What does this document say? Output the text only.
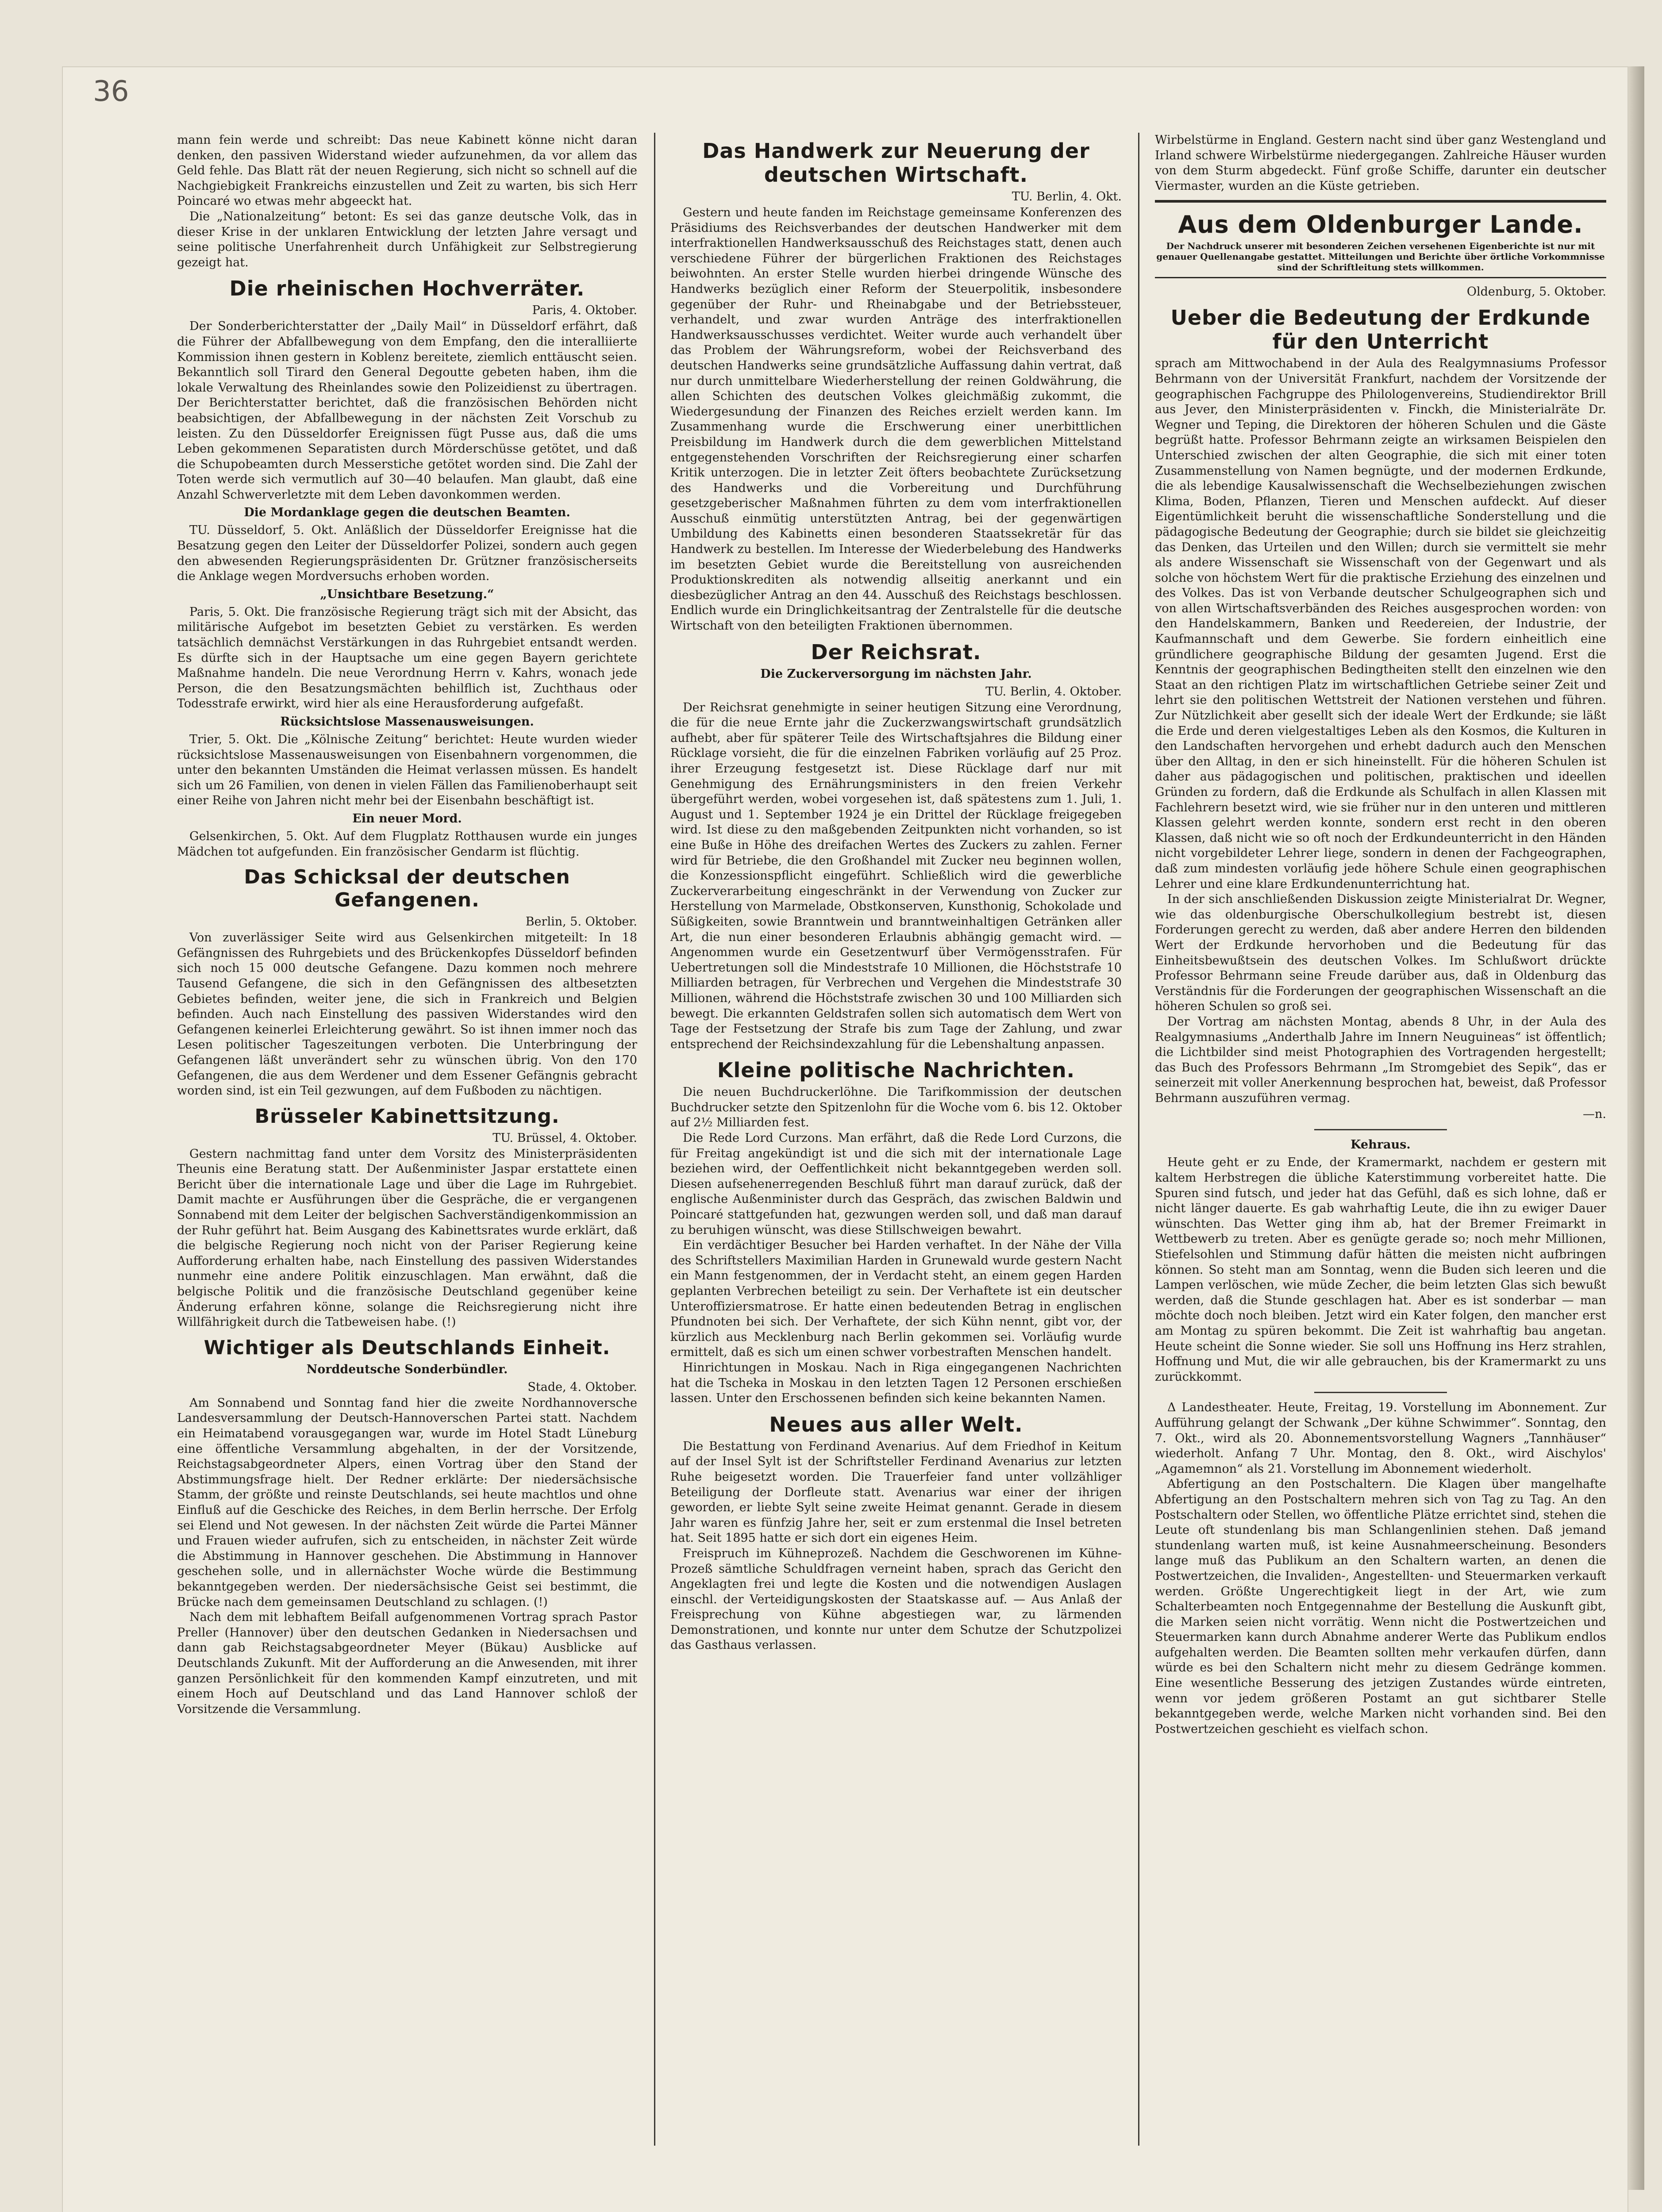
36

mann fein werde und schreibt: Das neue Kabinett könne nicht daran denken, den passiven Widerstand wieder aufzunehmen, da vor allem das Geld fehle. Das Blatt rät der neuen Regierung, sich nicht so schnell auf die Nachgiebigkeit Frankreichs einzustellen und Zeit zu warten, bis sich Herr Poincaré wo etwas mehr abgeeckt hat.

Die „Nationalzeitung“ betont: Es sei das ganze deutsche Volk, das in dieser Krise in der unklaren Entwicklung der letzten Jahre versagt und seine politische Unerfahrenheit durch Unfähigkeit zur Selbstregierung gezeigt hat.

Die rheinischen Hochverräter.
Paris, 4. Oktober.

Der Sonderberichterstatter der „Daily Mail“ in Düsseldorf erfährt, daß die Führer der Abfallbewegung von dem Empfang, den die interalliierte Kommission ihnen gestern in Koblenz bereitete, ziemlich enttäuscht seien. Bekanntlich soll Tirard den General Degoutte gebeten haben, ihm die lokale Verwaltung des Rheinlandes sowie den Polizeidienst zu übertragen. Der Berichterstatter berichtet, daß die französischen Behörden nicht beabsichtigen, der Abfallbewegung in der nächsten Zeit Vorschub zu leisten. Zu den Düsseldorfer Ereignissen fügt Pusse aus, daß die ums Leben gekommenen Separatisten durch Mörderschüsse getötet, und daß die Schupobeamten durch Messerstiche getötet worden sind. Die Zahl der Toten werde sich vermutlich auf 30—40 belaufen. Man glaubt, daß eine Anzahl Schwerverletzte mit dem Leben davonkommen werden.

Die Mordanklage gegen die deutschen Beamten.

TU. Düsseldorf, 5. Okt. Anläßlich der Düsseldorfer Ereignisse hat die Besatzung gegen den Leiter der Düsseldorfer Polizei, sondern auch gegen den abwesenden Regierungspräsidenten Dr. Grützner französischerseits die Anklage wegen Mordversuchs erhoben worden.

„Unsichtbare Besetzung.“

Paris, 5. Okt. Die französische Regierung trägt sich mit der Absicht, das militärische Aufgebot im besetzten Gebiet zu verstärken. Es werden tatsächlich demnächst Verstärkungen in das Ruhrgebiet entsandt werden. Es dürfte sich in der Hauptsache um eine gegen Bayern gerichtete Maßnahme handeln. Die neue Verordnung Herrn v. Kahrs, wonach jede Person, die den Besatzungsmächten behilflich ist, Zuchthaus oder Todesstrafe erwirkt, wird hier als eine Herausforderung aufgefaßt.

Rücksichtslose Massenausweisungen.

Trier, 5. Okt. Die „Kölnische Zeitung“ berichtet: Heute wurden wieder rücksichtslose Massenausweisungen von Eisenbahnern vorgenommen, die unter den bekannten Umständen die Heimat verlassen müssen. Es handelt sich um 26 Familien, von denen in vielen Fällen das Familienoberhaupt seit einer Reihe von Jahren nicht mehr bei der Eisenbahn beschäftigt ist.

Ein neuer Mord.

Gelsenkirchen, 5. Okt. Auf dem Flugplatz Rotthausen wurde ein junges Mädchen tot aufgefunden. Ein französischer Gendarm ist flüchtig.

Das Schicksal der deutschen Gefangenen.
Berlin, 5. Oktober.

Von zuverlässiger Seite wird aus Gelsenkirchen mitgeteilt: In 18 Gefängnissen des Ruhrgebiets und des Brückenkopfes Düsseldorf befinden sich noch 15 000 deutsche Gefangene. Dazu kommen noch mehrere Tausend Gefangene, die sich in den Gefängnissen des altbesetzten Gebietes befinden, weiter jene, die sich in Frankreich und Belgien befinden. Auch nach Einstellung des passiven Widerstandes wird den Gefangenen keinerlei Erleichterung gewährt. So ist ihnen immer noch das Lesen politischer Tageszeitungen verboten. Die Unterbringung der Gefangenen läßt unverändert sehr zu wünschen übrig. Von den 170 Gefangenen, die aus dem Werdener und dem Essener Gefängnis gebracht worden sind, ist ein Teil gezwungen, auf dem Fußboden zu nächtigen.

Brüsseler Kabinettsitzung.
TU. Brüssel, 4. Oktober.

Gestern nachmittag fand unter dem Vorsitz des Ministerpräsidenten Theunis eine Beratung statt. Der Außenminister Jaspar erstattete einen Bericht über die internationale Lage und über die Lage im Ruhrgebiet. Damit machte er Ausführungen über die Gespräche, die er vergangenen Sonnabend mit dem Leiter der belgischen Sachverständigenkommission an der Ruhr geführt hat. Beim Ausgang des Kabinettsrates wurde erklärt, daß die belgische Regierung noch nicht von der Pariser Regierung keine Aufforderung erhalten habe, nach Einstellung des passiven Widerstandes nunmehr eine andere Politik einzuschlagen. Man erwähnt, daß die belgische Politik und die französische Deutschland gegenüber keine Änderung erfahren könne, solange die Reichsregierung nicht ihre Willfährigkeit durch die Tatbeweisen habe. (!)

Wichtiger als Deutschlands Einheit.
Norddeutsche Sonderbündler.
Stade, 4. Oktober.

Am Sonnabend und Sonntag fand hier die zweite Nordhannoversche Landesversammlung der Deutsch-Hannoverschen Partei statt. Nachdem ein Heimatabend vorausgegangen war, wurde im Hotel Stadt Lüneburg eine öffentliche Versammlung abgehalten, in der der Vorsitzende, Reichstagsabgeordneter Alpers, einen Vortrag über den Stand der Abstimmungsfrage hielt. Der Redner erklärte: Der niedersächsische Stamm, der größte und reinste Deutschlands, sei heute machtlos und ohne Einfluß auf die Geschicke des Reiches, in dem Berlin herrsche. Der Erfolg sei Elend und Not gewesen. In der nächsten Zeit würde die Partei Männer und Frauen wieder aufrufen, sich zu entscheiden, in nächster Zeit würde die Abstimmung in Hannover geschehen. Die Abstimmung in Hannover geschehen solle, und in allernächster Woche würde die Bestimmung bekanntgegeben werden. Der niedersächsische Geist sei bestimmt, die Brücke nach dem gemeinsamen Deutschland zu schlagen. (!)

Nach dem mit lebhaftem Beifall aufgenommenen Vortrag sprach Pastor Preller (Hannover) über den deutschen Gedanken in Niedersachsen und dann gab Reichstagsabgeordneter Meyer (Bükau) Ausblicke auf Deutschlands Zukunft. Mit der Aufforderung an die Anwesenden, mit ihrer ganzen Persönlichkeit für den kommenden Kampf einzutreten, und mit einem Hoch auf Deutschland und das Land Hannover schloß der Vorsitzende die Versammlung.

Das Handwerk zur Neuerung der deutschen Wirtschaft.
TU. Berlin, 4. Okt.

Gestern und heute fanden im Reichstage gemeinsame Konferenzen des Präsidiums des Reichsverbandes der deutschen Handwerker mit dem interfraktionellen Handwerksausschuß des Reichstages statt, denen auch verschiedene Führer der bürgerlichen Fraktionen des Reichstages beiwohnten. An erster Stelle wurden hierbei dringende Wünsche des Handwerks bezüglich einer Reform der Steuerpolitik, insbesondere gegenüber der Ruhr- und Rheinabgabe und der Betriebssteuer, verhandelt, und zwar wurden Anträge des interfraktionellen Handwerksausschusses verdichtet. Weiter wurde auch verhandelt über das Problem der Währungsreform, wobei der Reichsverband des deutschen Handwerks seine grundsätzliche Auffassung dahin vertrat, daß nur durch unmittelbare Wiederherstellung der reinen Goldwährung, die allen Schichten des deutschen Volkes gleichmäßig zukommt, die Wiedergesundung der Finanzen des Reiches erzielt werden kann. Im Zusammenhang wurde die Erschwerung einer unerbittlichen Preisbildung im Handwerk durch die dem gewerblichen Mittelstand entgegenstehenden Vorschriften der Reichsregierung einer scharfen Kritik unterzogen. Die in letzter Zeit öfters beobachtete Zurücksetzung des Handwerks und die Vorbereitung und Durchführung gesetzgeberischer Maßnahmen führten zu dem vom interfraktionellen Ausschuß einmütig unterstützten Antrag, bei der gegenwärtigen Umbildung des Kabinetts einen besonderen Staatssekretär für das Handwerk zu bestellen. Im Interesse der Wiederbelebung des Handwerks im besetzten Gebiet wurde die Bereitstellung von ausreichenden Produktionskrediten als notwendig allseitig anerkannt und ein diesbezüglicher Antrag an den 44. Ausschuß des Reichstags beschlossen. Endlich wurde ein Dringlichkeitsantrag der Zentralstelle für die deutsche Wirtschaft von den beteiligten Fraktionen übernommen.

Der Reichsrat.
Die Zuckerversorgung im nächsten Jahr.
TU. Berlin, 4. Oktober.

Der Reichsrat genehmigte in seiner heutigen Sitzung eine Verordnung, die für die neue Ernte jahr die Zuckerzwangswirtschaft grundsätzlich aufhebt, aber für späterer Teile des Wirtschaftsjahres die Bildung einer Rücklage vorsieht, die für die einzelnen Fabriken vorläufig auf 25 Proz. ihrer Erzeugung festgesetzt ist. Diese Rücklage darf nur mit Genehmigung des Ernährungsministers in den freien Verkehr übergeführt werden, wobei vorgesehen ist, daß spätestens zum 1. Juli, 1. August und 1. September 1924 je ein Drittel der Rücklage freigegeben wird. Ist diese zu den maßgebenden Zeitpunkten nicht vorhanden, so ist eine Buße in Höhe des dreifachen Wertes des Zuckers zu zahlen. Ferner wird für Betriebe, die den Großhandel mit Zucker neu beginnen wollen, die Konzessionspflicht eingeführt. Schließlich wird die gewerbliche Zuckerverarbeitung eingeschränkt in der Verwendung von Zucker zur Herstellung von Marmelade, Obstkonserven, Kunsthonig, Schokolade und Süßigkeiten, sowie Branntwein und branntweinhaltigen Getränken aller Art, die nun einer besonderen Erlaubnis abhängig gemacht wird. — Angenommen wurde ein Gesetzentwurf über Vermögensstrafen. Für Uebertretungen soll die Mindeststrafe 10 Millionen, die Höchststrafe 10 Milliarden betragen, für Verbrechen und Vergehen die Mindeststrafe 30 Millionen, während die Höchststrafe zwischen 30 und 100 Milliarden sich bewegt. Die erkannten Geldstrafen sollen sich automatisch dem Wert von Tage der Festsetzung der Strafe bis zum Tage der Zahlung, und zwar entsprechend der Reichsindexzahlung für die Lebenshaltung anpassen.

Kleine politische Nachrichten.

Die neuen Buchdruckerlöhne. Die Tarifkommission der deutschen Buchdrucker setzte den Spitzenlohn für die Woche vom 6. bis 12. Oktober auf 2½ Milliarden fest.

Die Rede Lord Curzons. Man erfährt, daß die Rede Lord Curzons, die für Freitag angekündigt ist und die sich mit der internationale Lage beziehen wird, der Oeffentlichkeit nicht bekanntgegeben werden soll. Diesen aufsehenerregenden Beschluß führt man darauf zurück, daß der englische Außenminister durch das Gespräch, das zwischen Baldwin und Poincaré stattgefunden hat, gezwungen werden soll, und daß man darauf zu beruhigen wünscht, was diese Stillschweigen bewahrt.

Ein verdächtiger Besucher bei Harden verhaftet. In der Nähe der Villa des Schriftstellers Maximilian Harden in Grunewald wurde gestern Nacht ein Mann festgenommen, der in Verdacht steht, an einem gegen Harden geplanten Verbrechen beteiligt zu sein. Der Verhaftete ist ein deutscher Unteroffiziersmatrose. Er hatte einen bedeutenden Betrag in englischen Pfundnoten bei sich. Der Verhaftete, der sich Kühn nennt, gibt vor, der kürzlich aus Mecklenburg nach Berlin gekommen sei. Vorläufig wurde ermittelt, daß es sich um einen schwer vorbestraften Menschen handelt.

Hinrichtungen in Moskau. Nach in Riga eingegangenen Nachrichten hat die Tscheka in Moskau in den letzten Tagen 12 Personen erschießen lassen. Unter den Erschossenen befinden sich keine bekannten Namen.

Neues aus aller Welt.

Die Bestattung von Ferdinand Avenarius. Auf dem Friedhof in Keitum auf der Insel Sylt ist der Schriftsteller Ferdinand Avenarius zur letzten Ruhe beigesetzt worden. Die Trauerfeier fand unter vollzähliger Beteiligung der Dorfleute statt. Avenarius war einer der ihrigen geworden, er liebte Sylt seine zweite Heimat genannt. Gerade in diesem Jahr waren es fünfzig Jahre her, seit er zum erstenmal die Insel betreten hat. Seit 1895 hatte er sich dort ein eigenes Heim.

Freispruch im Kühneprozeß. Nachdem die Geschworenen im Kühne-Prozeß sämtliche Schuldfragen verneint haben, sprach das Gericht den Angeklagten frei und legte die Kosten und die notwendigen Auslagen einschl. der Verteidigungskosten der Staatskasse auf. — Aus Anlaß der Freisprechung von Kühne abgestiegen war, zu lärmenden Demonstrationen, und konnte nur unter dem Schutze der Schutzpolizei das Gasthaus verlassen.

Wirbelstürme in England. Gestern nacht sind über ganz Westengland und Irland schwere Wirbelstürme niedergegangen. Zahlreiche Häuser wurden von dem Sturm abgedeckt. Fünf große Schiffe, darunter ein deutscher Viermaster, wurden an die Küste getrieben.

Aus dem Oldenburger Lande.
Der Nachdruck unserer mit besonderen Zeichen versehenen Eigenberichte ist nur mit genauer Quellenangabe gestattet. Mitteilungen und Berichte über örtliche Vorkommnisse sind der Schriftleitung stets willkommen.
Oldenburg, 5. Oktober.
Ueber die Bedeutung der Erdkunde für den Unterricht

sprach am Mittwochabend in der Aula des Realgymnasiums Professor Behrmann von der Universität Frankfurt, nachdem der Vorsitzende der geographischen Fachgruppe des Philologenvereins, Studiendirektor Brill aus Jever, den Ministerpräsidenten v. Finckh, die Ministerialräte Dr. Wegner und Teping, die Direktoren der höheren Schulen und die Gäste begrüßt hatte. Professor Behrmann zeigte an wirksamen Beispielen den Unterschied zwischen der alten Geographie, die sich mit einer toten Zusammenstellung von Namen begnügte, und der modernen Erdkunde, die als lebendige Kausalwissenschaft die Wechselbeziehungen zwischen Klima, Boden, Pflanzen, Tieren und Menschen aufdeckt. Auf dieser Eigentümlichkeit beruht die wissenschaftliche Sonderstellung und die pädagogische Bedeutung der Geographie; durch sie bildet sie gleichzeitig das Denken, das Urteilen und den Willen; durch sie vermittelt sie mehr als andere Wissenschaft sie Wissenschaft von der Gegenwart und als solche von höchstem Wert für die praktische Erziehung des einzelnen und des Volkes. Das ist von Verbande deutscher Schulgeographen sich und von allen Wirtschaftsverbänden des Reiches ausgesprochen worden: von den Handelskammern, Banken und Reedereien, der Industrie, der Kaufmannschaft und dem Gewerbe. Sie fordern einheitlich eine gründlichere geographische Bildung der gesamten Jugend. Erst die Kenntnis der geographischen Bedingtheiten stellt den einzelnen wie den Staat an den richtigen Platz im wirtschaftlichen Getriebe seiner Zeit und lehrt sie den politischen Wettstreit der Nationen verstehen und führen. Zur Nützlichkeit aber gesellt sich der ideale Wert der Erdkunde; sie läßt die Erde und deren vielgestaltiges Leben als den Kosmos, die Kulturen in den Landschaften hervorgehen und erhebt dadurch auch den Menschen über den Alltag, in den er sich hineinstellt. Für die höheren Schulen ist daher aus pädagogischen und politischen, praktischen und ideellen Gründen zu fordern, daß die Erdkunde als Schulfach in allen Klassen mit Fachlehrern besetzt wird, wie sie früher nur in den unteren und mittleren Klassen gelehrt werden konnte, sondern erst recht in den oberen Klassen, daß nicht wie so oft noch der Erdkundeunterricht in den Händen nicht vorgebildeter Lehrer liege, sondern in denen der Fachgeographen, daß zum mindesten vorläufig jede höhere Schule einen geographischen Lehrer und eine klare Erdkundenunterrichtung hat.

In der sich anschließenden Diskussion zeigte Ministerialrat Dr. Wegner, wie das oldenburgische Oberschulkollegium bestrebt ist, diesen Forderungen gerecht zu werden, daß aber andere Herren den bildenden Wert der Erdkunde hervorhoben und die Bedeutung für das Einheitsbewußtsein des deutschen Volkes. Im Schlußwort drückte Professor Behrmann seine Freude darüber aus, daß in Oldenburg das Verständnis für die Forderungen der geographischen Wissenschaft an die höheren Schulen so groß sei.

Der Vortrag am nächsten Montag, abends 8 Uhr, in der Aula des Realgymnasiums „Anderthalb Jahre im Innern Neuguineas“ ist öffentlich; die Lichtbilder sind meist Photographien des Vortragenden hergestellt; das Buch des Professors Behrmann „Im Stromgebiet des Sepik“, das er seinerzeit mit voller Anerkennung besprochen hat, beweist, daß Professor Behrmann auszuführen vermag.

—n.
Kehraus.

Heute geht er zu Ende, der Kramermarkt, nachdem er gestern mit kaltem Herbstregen die übliche Katerstimmung vorbereitet hatte. Die Spuren sind futsch, und jeder hat das Gefühl, daß es sich lohne, daß er nicht länger dauerte. Es gab wahrhaftig Leute, die ihn zu ewiger Dauer wünschten. Das Wetter ging ihm ab, hat der Bremer Freimarkt in Wettbewerb zu treten. Aber es genügte gerade so; noch mehr Millionen, Stiefelsohlen und Stimmung dafür hätten die meisten nicht aufbringen können. So steht man am Sonntag, wenn die Buden sich leeren und die Lampen verlöschen, wie müde Zecher, die beim letzten Glas sich bewußt werden, daß die Stunde geschlagen hat. Aber es ist sonderbar — man möchte doch noch bleiben. Jetzt wird ein Kater folgen, den mancher erst am Montag zu spüren bekommt. Die Zeit ist wahrhaftig bau angetan. Heute scheint die Sonne wieder. Sie soll uns Hoffnung ins Herz strahlen, Hoffnung und Mut, die wir alle gebrauchen, bis der Kramermarkt zu uns zurückkommt.

Δ Landestheater. Heute, Freitag, 19. Vorstellung im Abonnement. Zur Aufführung gelangt der Schwank „Der kühne Schwimmer“. Sonntag, den 7. Okt., wird als 20. Abonnementsvorstellung Wagners „Tannhäuser“ wiederholt. Anfang 7 Uhr. Montag, den 8. Okt., wird Aischylos' „Agamemnon“ als 21. Vorstellung im Abonnement wiederholt.

Abfertigung an den Postschaltern. Die Klagen über mangelhafte Abfertigung an den Postschaltern mehren sich von Tag zu Tag. An den Postschaltern oder Stellen, wo öffentliche Plätze errichtet sind, stehen die Leute oft stundenlang bis man Schlangenlinien stehen. Daß jemand stundenlang warten muß, ist keine Ausnahmeerscheinung. Besonders lange muß das Publikum an den Schaltern warten, an denen die Postwertzeichen, die Invaliden-, Angestellten- und Steuermarken verkauft werden. Größte Ungerechtigkeit liegt in der Art, wie zum Schalterbeamten noch Entgegennahme der Bestellung die Auskunft gibt, die Marken seien nicht vorrätig. Wenn nicht die Postwertzeichen und Steuermarken kann durch Abnahme anderer Werte das Publikum endlos aufgehalten werden. Die Beamten sollten mehr verkaufen dürfen, dann würde es bei den Schaltern nicht mehr zu diesem Gedränge kommen. Eine wesentliche Besserung des jetzigen Zustandes würde eintreten, wenn vor jedem größeren Postamt an gut sichtbarer Stelle bekanntgegeben werde, welche Marken nicht vorhanden sind. Bei den Postwertzeichen geschieht es vielfach schon.
